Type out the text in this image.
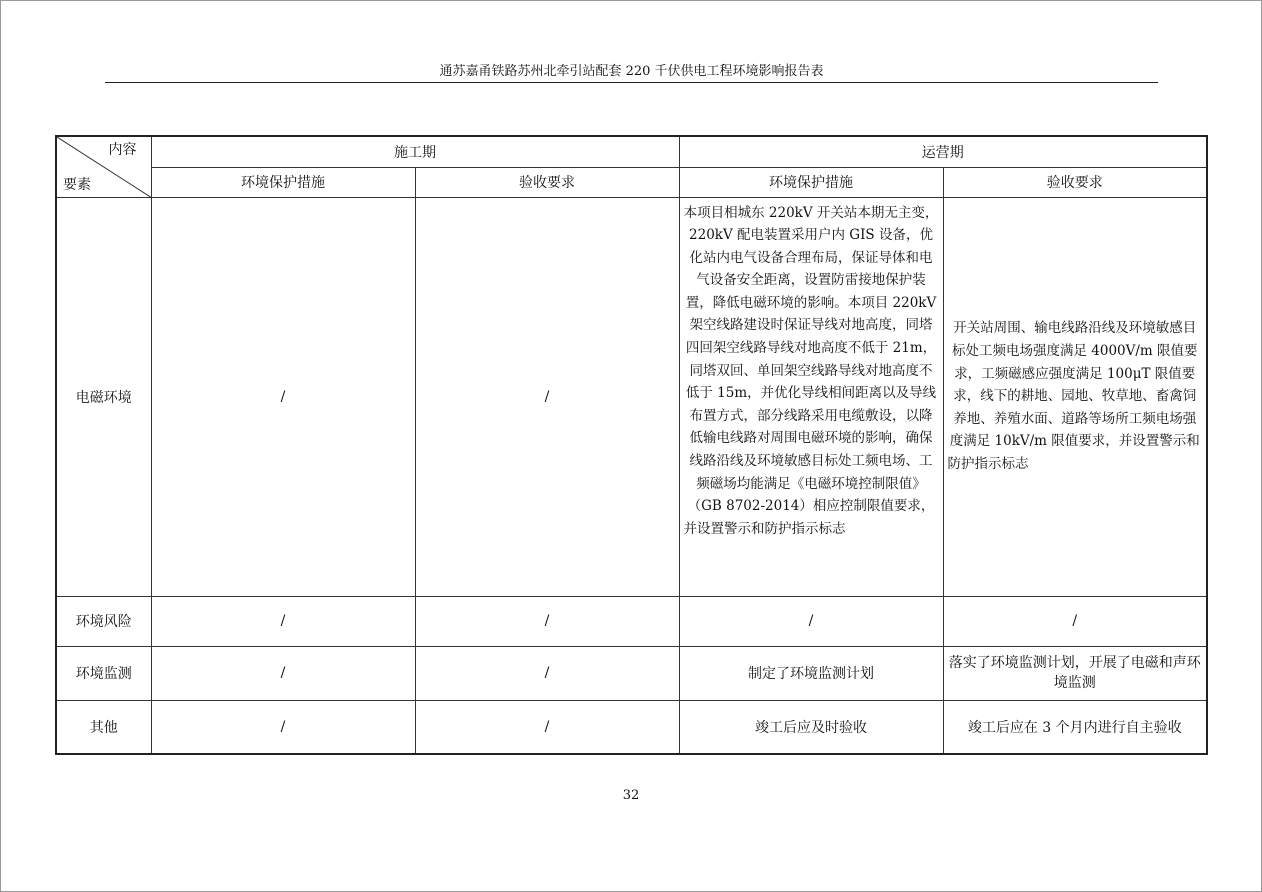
通苏嘉甬铁路苏州北牵引站配套 220 千伏供电工程环境影响报告表
内容
要素	施工期		运营期	
	环境保护措施	验收要求	环境保护措施	验收要求
电磁环境	/	/	本项目相城东 220kV 开关站本期无主变，220kV 配电装置采用户内 GIS 设备，优化站内电气设备合理布局，保证导体和电气设备安全距离，设置防雷接地保护装置，降低电磁环境的影响。本项目 220kV 架空线路建设时保证导线对地高度，同塔四回架空线路导线对地高度不低于 21m，同塔双回、单回架空线路导线对地高度不低于 15m，并优化导线相间距离以及导线布置方式，部分线路采用电缆敷设，以降低输电线路对周围电磁环境的影响，确保线路沿线及环境敏感目标处工频电场、工频磁场均能满足《电磁环境控制限值》（GB 8702-2014）相应控制限值要求，并设置警示和防护指示标志	开关站周围、输电线路沿线及环境敏感目标处工频电场强度满足 4000V/m 限值要求，工频磁感应强度满足 100μT 限值要求，线下的耕地、园地、牧草地、畜禽饲养地、养殖水面、道路等场所工频电场强度满足 10kV/m 限值要求，并设置警示和防护指示标志
环境风险	/	/	/	/
环境监测	/	/	制定了环境监测计划	落实了环境监测计划，开展了电磁和声环境监测
其他	/	/	竣工后应及时验收	竣工后应在 3 个月内进行自主验收
32
